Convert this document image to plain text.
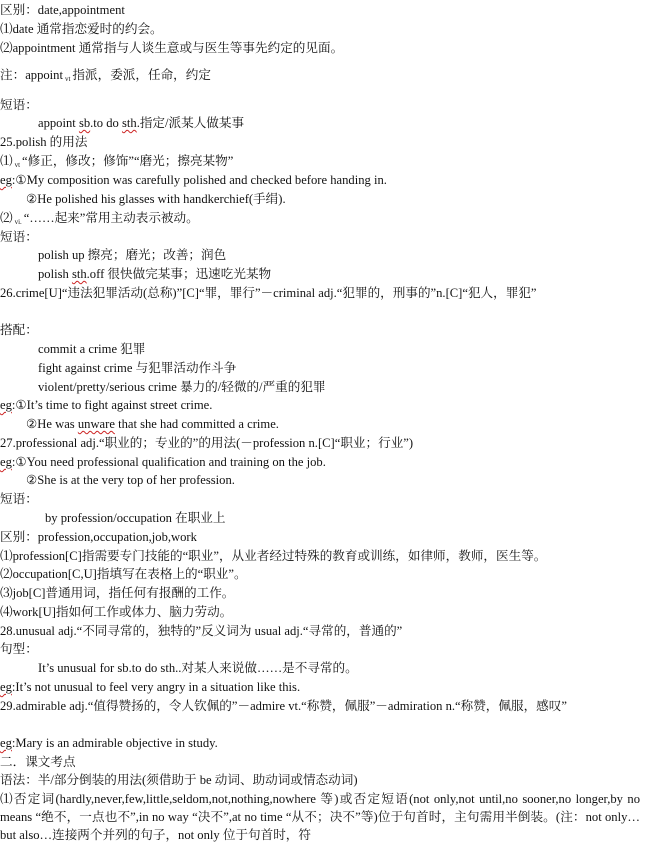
区别：date,appointment
⑴date 通常指恋爱时的约会。
⑵appointment 通常指与人谈生意或与医生等事先约定的见面。
注：appoint vt 指派，委派，任命，约定
短语：
appoint sb.to do sth.指定/派某人做某事
25.polish 的用法
⑴ vt “修正，修改；修饰”“磨光；擦亮某物”
eg:①My composition was carefully polished and checked before handing in.
②He polished his glasses with handkerchief(手绢).
⑵ vi. “……起来”常用主动表示被动。
短语：
polish up 擦亮；磨光；改善；润色
polish sth.off 很快做完某事；迅速吃光某物
26.crime[U]“违法犯罪活动(总称)”[C]“罪，罪行”－criminal adj.“犯罪的，刑事的”n.[C]“犯人，罪犯”
搭配：
commit a crime 犯罪
fight against crime 与犯罪活动作斗争
violent/pretty/serious crime 暴力的/轻微的/严重的犯罪
eg:①It’s time to fight against street crime.
②He was unware that she had committed a crime.
27.professional adj.“职业的；专业的”的用法(－profession n.[C]“职业；行业”)
eg:①You need professional qualification and training on the job.
②She is at the very top of her profession.
短语：
by profession/occupation 在职业上
区别：profession,occupation,job,work
⑴profession[C]指需要专门技能的“职业”，从业者经过特殊的教育或训练，如律师，教师，医生等。
⑵occupation[C,U]指填写在表格上的“职业”。
⑶job[C]普通用词，指任何有报酬的工作。
⑷work[U]指如何工作或体力、脑力劳动。
28.unusual adj.“不同寻常的，独特的”反义词为 usual adj.“寻常的，普通的”
句型：
It’s unusual for sb.to do sth..对某人来说做……是不寻常的。
eg:It’s not unusual to feel very angry in a situation like this.
29.admirable adj.“值得赞扬的，令人钦佩的”－admire vt.“称赞，佩服”－admiration n.“称赞，佩服，感叹”
eg:Mary is an admirable objective in study.
二．课文考点
语法：半/部分倒装的用法(须借助于 be 动词、助动词或情态动词)
⑴否定词(hardly,never,few,little,seldom,not,nothing,nowhere 等)或否定短语(not only,not until,no sooner,no longer,by no means “绝不，一点也不”,in no way “决不”,at no time “从不；决不”等)位于句首时，主句需用半倒装。(注：not only…but also…连接两个并列的句子，not only 位于句首时，符
